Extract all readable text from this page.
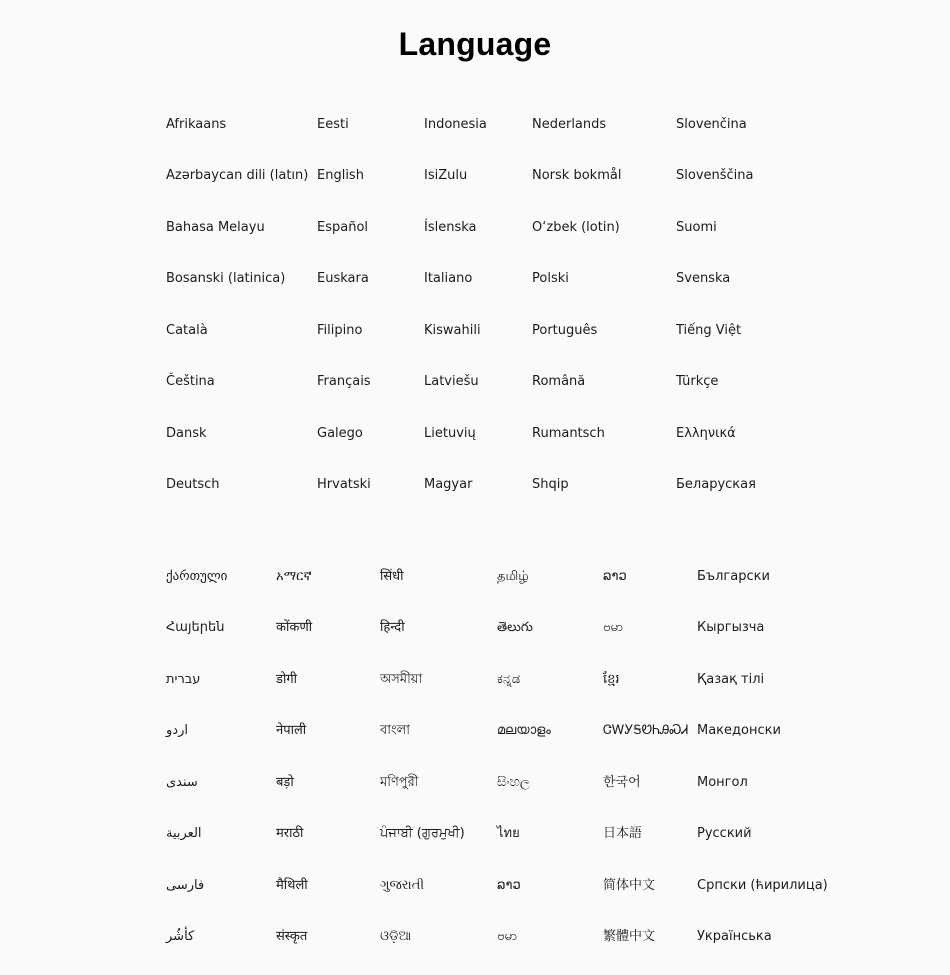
Language
Afrikaans
Azərbaycan dili (latın)
Bahasa Melayu
Bosanski (latinica)
Català
Čeština
Dansk
Deutsch
Eesti
English
Español
Euskara
Filipino
Français
Galego
Hrvatski
Indonesia
IsiZulu
Íslenska
Italiano
Kiswahili
Latviešu
Lietuvių
Magyar
Nederlands
Norsk bokmål
O‘zbek (lotin)
Polski
Português
Română
Rumantsch
Shqip
Slovenčina
Slovenščina
Suomi
Svenska
Tiếng Việt
Türkçe
Ελληνικά
Беларуская
ქართული
Հայերեն
עברית
اردو
سندی
العربية
فارسی
کأشُر
አማርኛ
कोंकणी
डोगी
नेपाली
बड़ो
मराठी
मैथिली
संस्कृत
सिंधी
हिन्दी
অসমীয়া
বাংলা
মণিপুরী
ਪੰਜਾਬੀ (ਗੁਰਮੁਖੀ)
ગુજરાતી
ଓଡ଼ିଆ
தமிழ்
తెలుగు
ಕನ್ನಡ
മലയാളം
සිංහල
ไทย
ລາວ
ဗမာ
ລາວ
ဗမာ
ខ្មែរ
ᏣᎳᎩᎦᏬᏂᎯᏍᏗ
한국어
日本語
简体中文
繁體中文
Български
Кыргызча
Қазақ тілі
Македонски
Монгол
Русский
Српски (ћирилица)
Українська
